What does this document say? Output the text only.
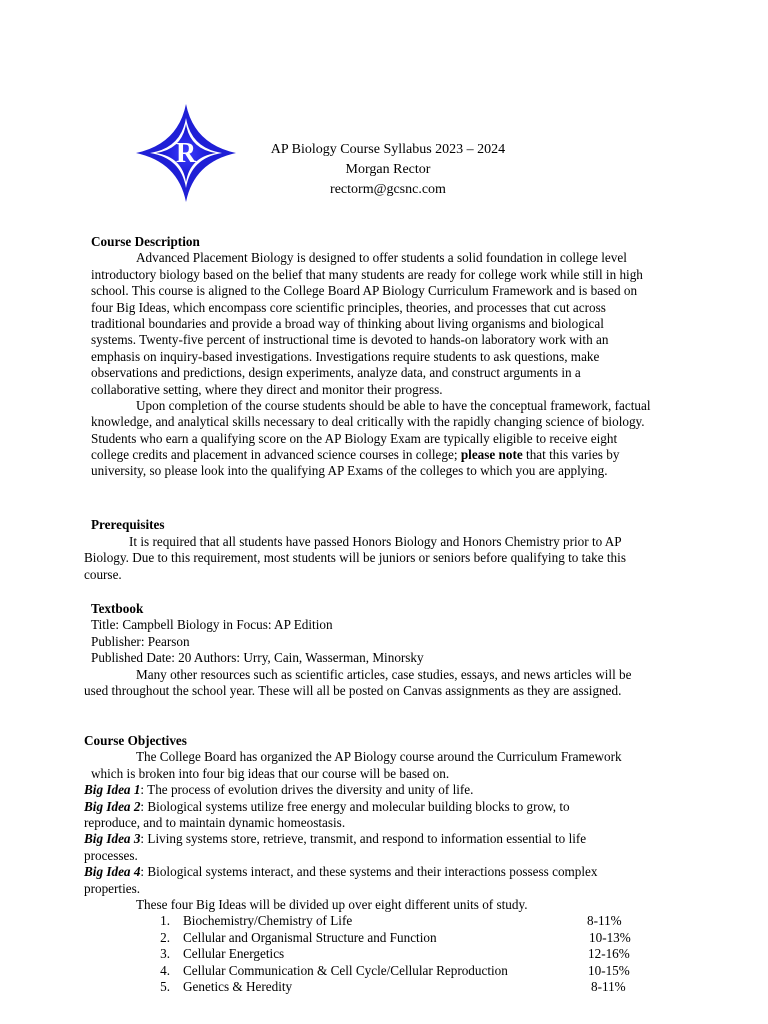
R	AP Biology Course Syllabus 2023 – 2024
Morgan Rector
rectorm@gcsnc.com
Course Description
Advanced Placement Biology is designed to offer students a solid foundation in college level
introductory biology based on the belief that many students are ready for college work while still in high
school. This course is aligned to the College Board AP Biology Curriculum Framework and is based on
four Big Ideas, which encompass core scientific principles, theories, and processes that cut across
traditional boundaries and provide a broad way of thinking about living organisms and biological
systems. Twenty-five percent of instructional time is devoted to hands-on laboratory work with an
emphasis on inquiry-based investigations. Investigations require students to ask questions, make
observations and predictions, design experiments, analyze data, and construct arguments in a
collaborative setting, where they direct and monitor their progress.
Upon completion of the course students should be able to have the conceptual framework, factual
knowledge, and analytical skills necessary to deal critically with the rapidly changing science of biology.
Students who earn a qualifying score on the AP Biology Exam are typically eligible to receive eight
college credits and placement in advanced science courses in college; please note that this varies by
university, so please look into the qualifying AP Exams of the colleges to which you are applying.
Prerequisites
It is required that all students have passed Honors Biology and Honors Chemistry prior to AP
Biology. Due to this requirement, most students will be juniors or seniors before qualifying to take this
course.
Textbook
Title: Campbell Biology in Focus: AP Edition
Publisher: Pearson
Published Date: 20 Authors: Urry, Cain, Wasserman, Minorsky
Many other resources such as scientific articles, case studies, essays, and news articles will be
used throughout the school year. These will all be posted on Canvas assignments as they are assigned.
Course Objectives
The College Board has organized the AP Biology course around the Curriculum Framework
which is broken into four big ideas that our course will be based on.
Big Idea 1: The process of evolution drives the diversity and unity of life.
Big Idea 2: Biological systems utilize free energy and molecular building blocks to grow, to
reproduce, and to maintain dynamic homeostasis.
Big Idea 3: Living systems store, retrieve, transmit, and respond to information essential to life
processes.
Big Idea 4: Biological systems interact, and these systems and their interactions possess complex
properties.
These four Big Ideas will be divided up over eight different units of study.
1. Biochemistry/Chemistry of Life	8-11%
2. Cellular and Organismal Structure and Function	10-13%
3. Cellular Energetics	12-16%
4. Cellular Communication & Cell Cycle/Cellular Reproduction	10-15%
5. Genetics & Heredity	8-11%
